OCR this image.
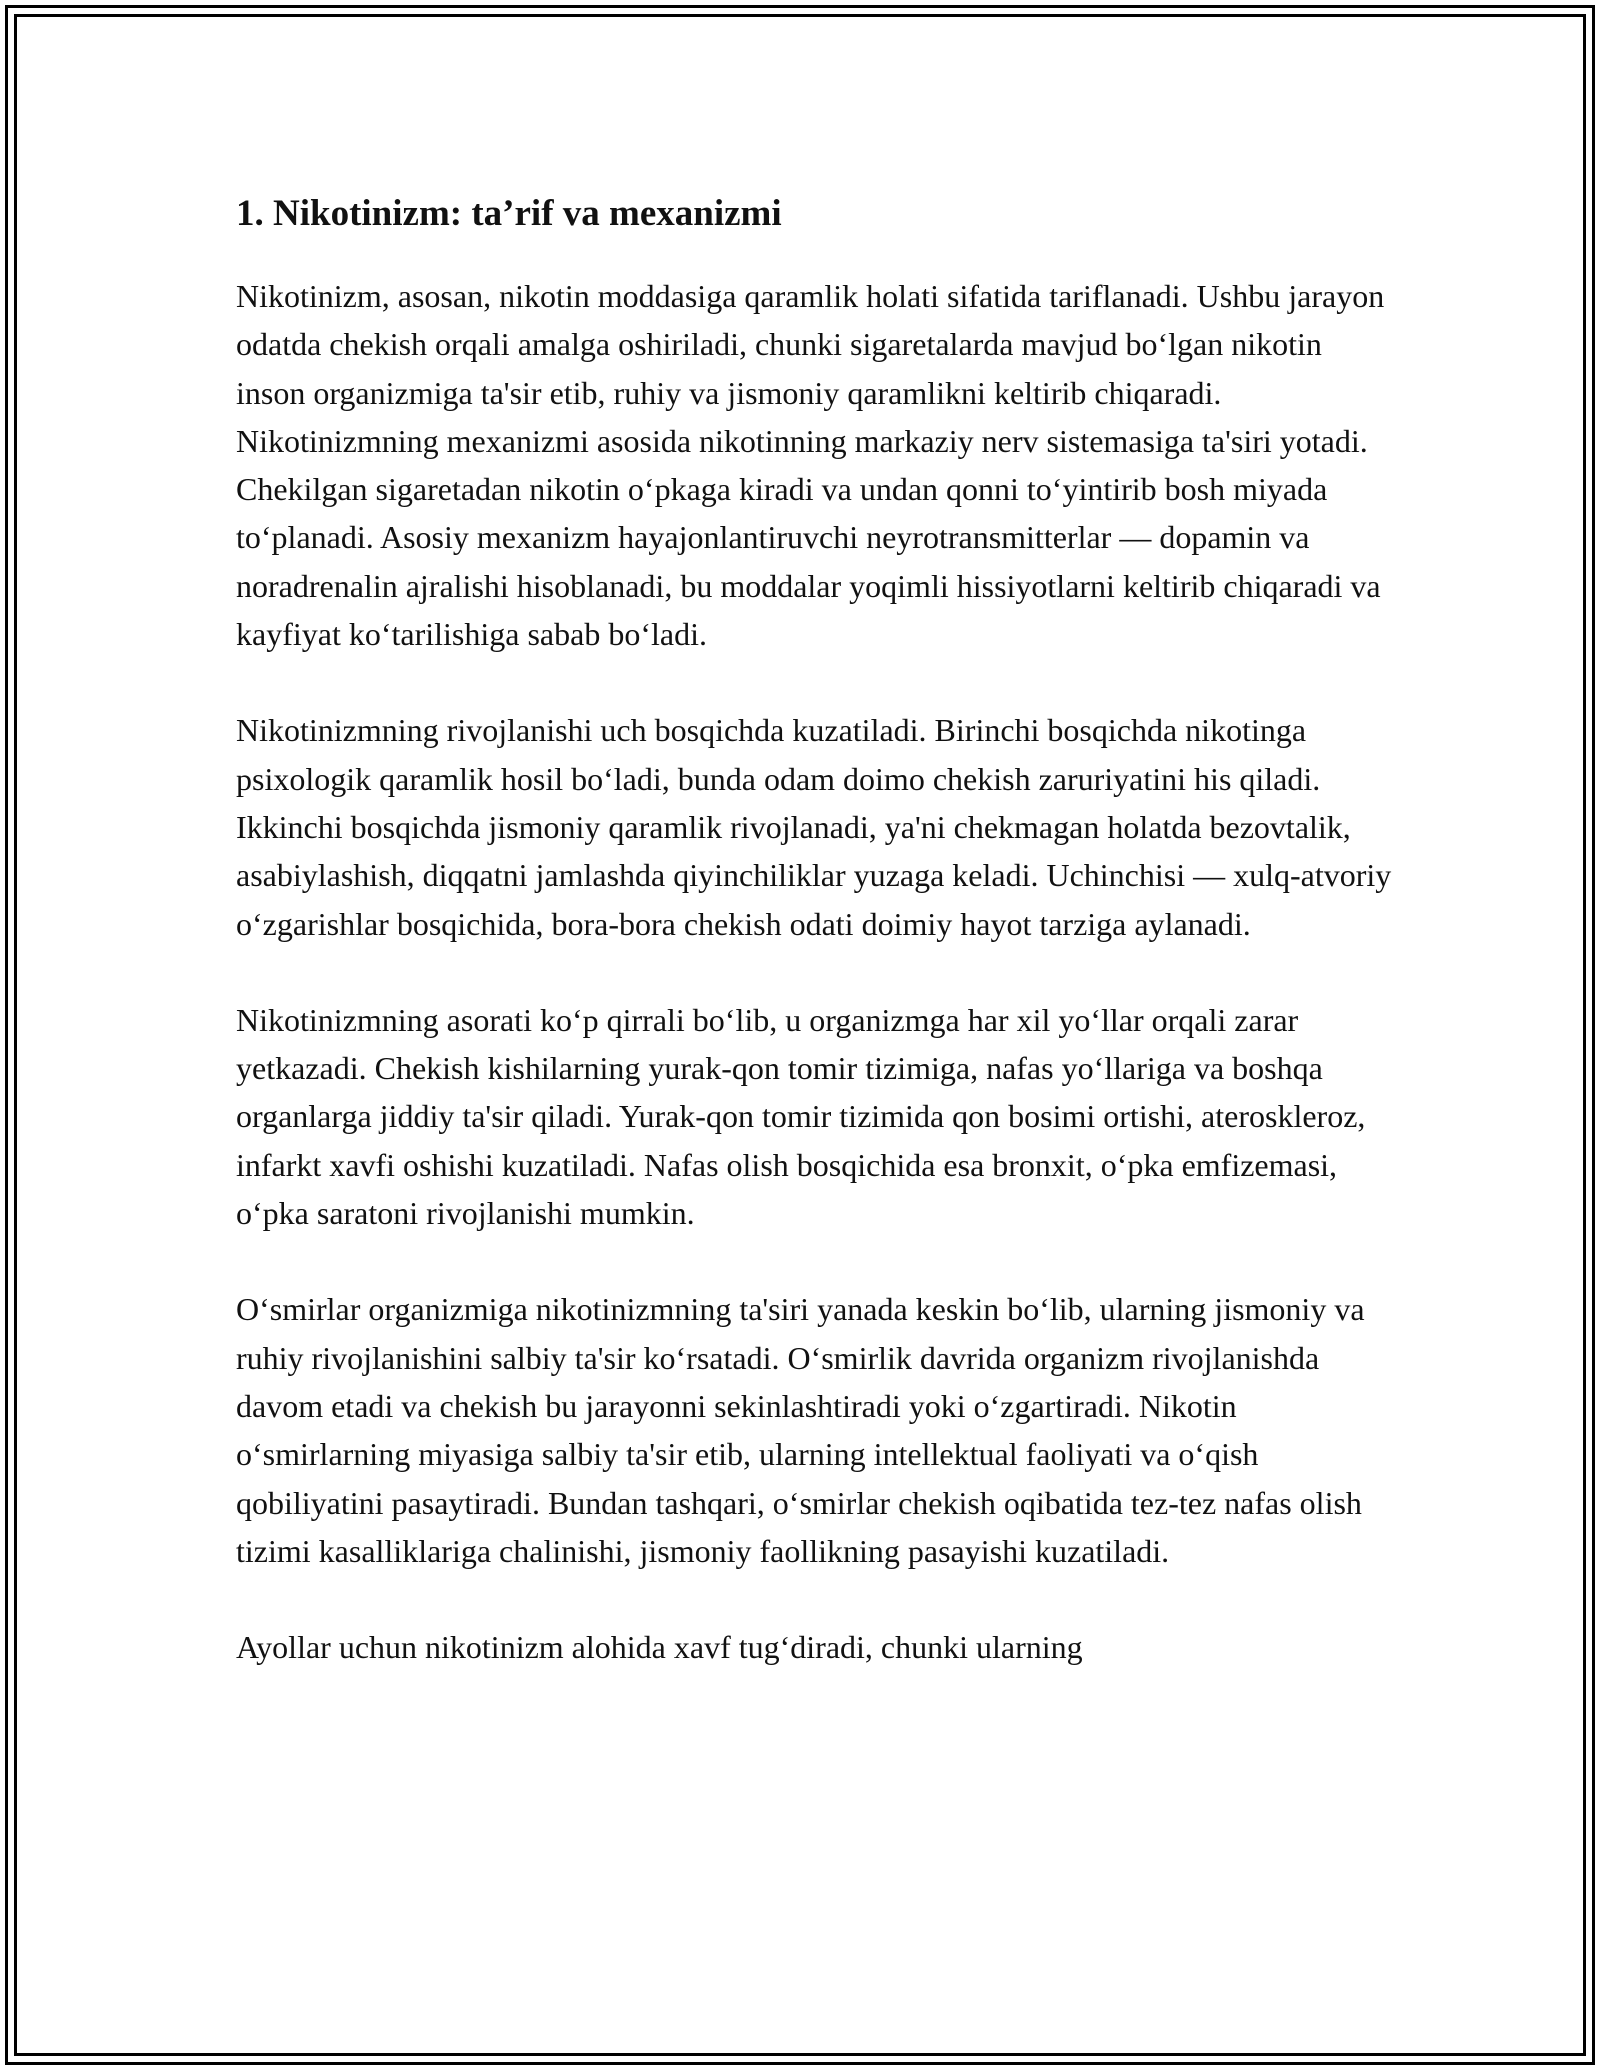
1. Nikotinizm: ta’rif va mexanizmi

Nikotinizm, asosan, nikotin moddasiga qaramlik holati sifatida tariflanadi. Ushbu jarayon odatda chekish orqali amalga oshiriladi, chunki sigaretalarda mavjud bo‘lgan nikotin inson organizmiga ta'sir etib, ruhiy va jismoniy qaramlikni keltirib chiqaradi. Nikotinizmning mexanizmi asosida nikotinning markaziy nerv sistemasiga ta'siri yotadi. Chekilgan sigaretadan nikotin o‘pkaga kiradi va undan qonni to‘yintirib bosh miyada to‘planadi. Asosiy mexanizm hayajonlantiruvchi neyrotransmitterlar — dopamin va noradrenalin ajralishi hisoblanadi, bu moddalar yoqimli hissiyotlarni keltirib chiqaradi va kayfiyat ko‘tarilishiga sabab bo‘ladi.

Nikotinizmning rivojlanishi uch bosqichda kuzatiladi. Birinchi bosqichda nikotinga psixologik qaramlik hosil bo‘ladi, bunda odam doimo chekish zaruriyatini his qiladi. Ikkinchi bosqichda jismoniy qaramlik rivojlanadi, ya'ni chekmagan holatda bezovtalik, asabiylashish, diqqatni jamlashda qiyinchiliklar yuzaga keladi. Uchinchisi — xulq-atvoriy o‘zgarishlar bosqichida, bora-bora chekish odati doimiy hayot tarziga aylanadi.

Nikotinizmning asorati ko‘p qirrali bo‘lib, u organizmga har xil yo‘llar orqali zarar yetkazadi. Chekish kishilarning yurak-qon tomir tizimiga, nafas yo‘llariga va boshqa organlarga jiddiy ta'sir qiladi. Yurak-qon tomir tizimida qon bosimi ortishi, ateroskleroz, infarkt xavfi oshishi kuzatiladi. Nafas olish bosqichida esa bronxit, o‘pka emfizemasi, o‘pka saratoni rivojlanishi mumkin.

O‘smirlar organizmiga nikotinizmning ta'siri yanada keskin bo‘lib, ularning jismoniy va ruhiy rivojlanishini salbiy ta'sir ko‘rsatadi. O‘smirlik davrida organizm rivojlanishda davom etadi va chekish bu jarayonni sekinlashtiradi yoki o‘zgartiradi. Nikotin o‘smirlarning miyasiga salbiy ta'sir etib, ularning intellektual faoliyati va o‘qish qobiliyatini pasaytiradi. Bundan tashqari, o‘smirlar chekish oqibatida tez-tez nafas olish tizimi kasalliklariga chalinishi, jismoniy faollikning pasayishi kuzatiladi.

Ayollar uchun nikotinizm alohida xavf tug‘diradi, chunki ularning
